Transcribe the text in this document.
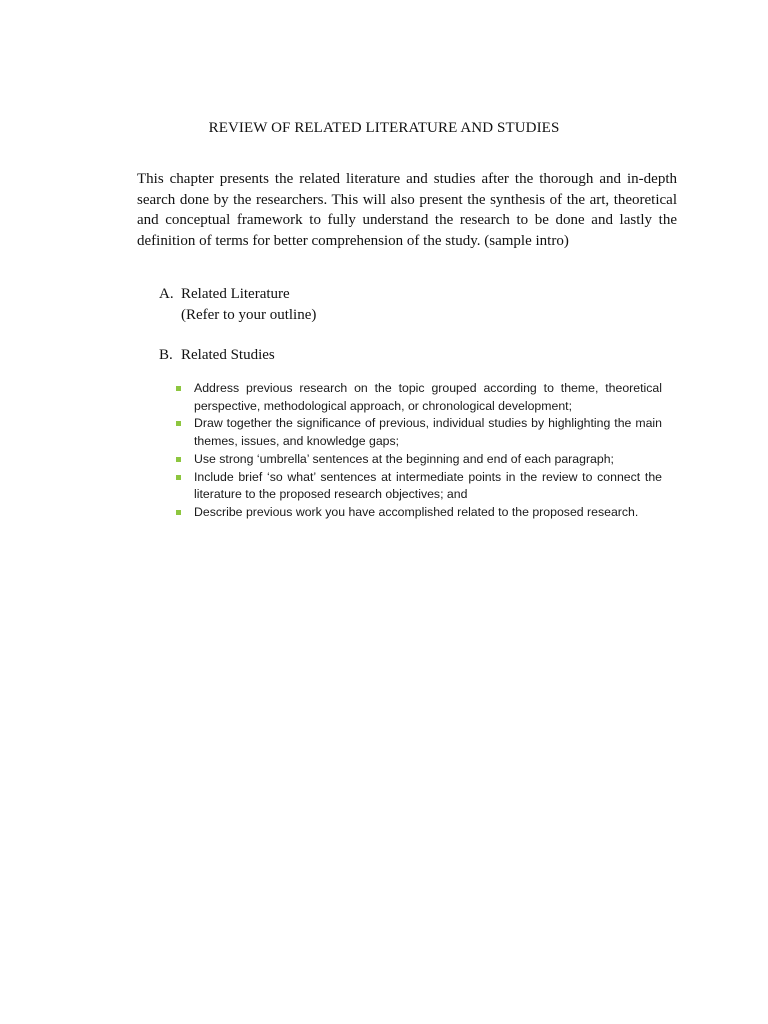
REVIEW OF RELATED LITERATURE AND STUDIES

This chapter presents the related literature and studies after the thorough and in-depth search done by the researchers. This will also present the synthesis of the art, theoretical and conceptual framework to fully understand the research to be done and lastly the definition of terms for better comprehension of the study. (sample intro)

A. Related Literature
(Refer to your outline)
B. Related Studies
Address previous research on the topic grouped according to theme, theoretical perspective, methodological approach, or chronological development;
Draw together the significance of previous, individual studies by highlighting the main themes, issues, and knowledge gaps;
Use strong ‘umbrella’ sentences at the beginning and end of each paragraph;
Include brief ‘so what’ sentences at intermediate points in the review to connect the literature to the proposed research objectives; and
Describe previous work you have accomplished related to the proposed research.
